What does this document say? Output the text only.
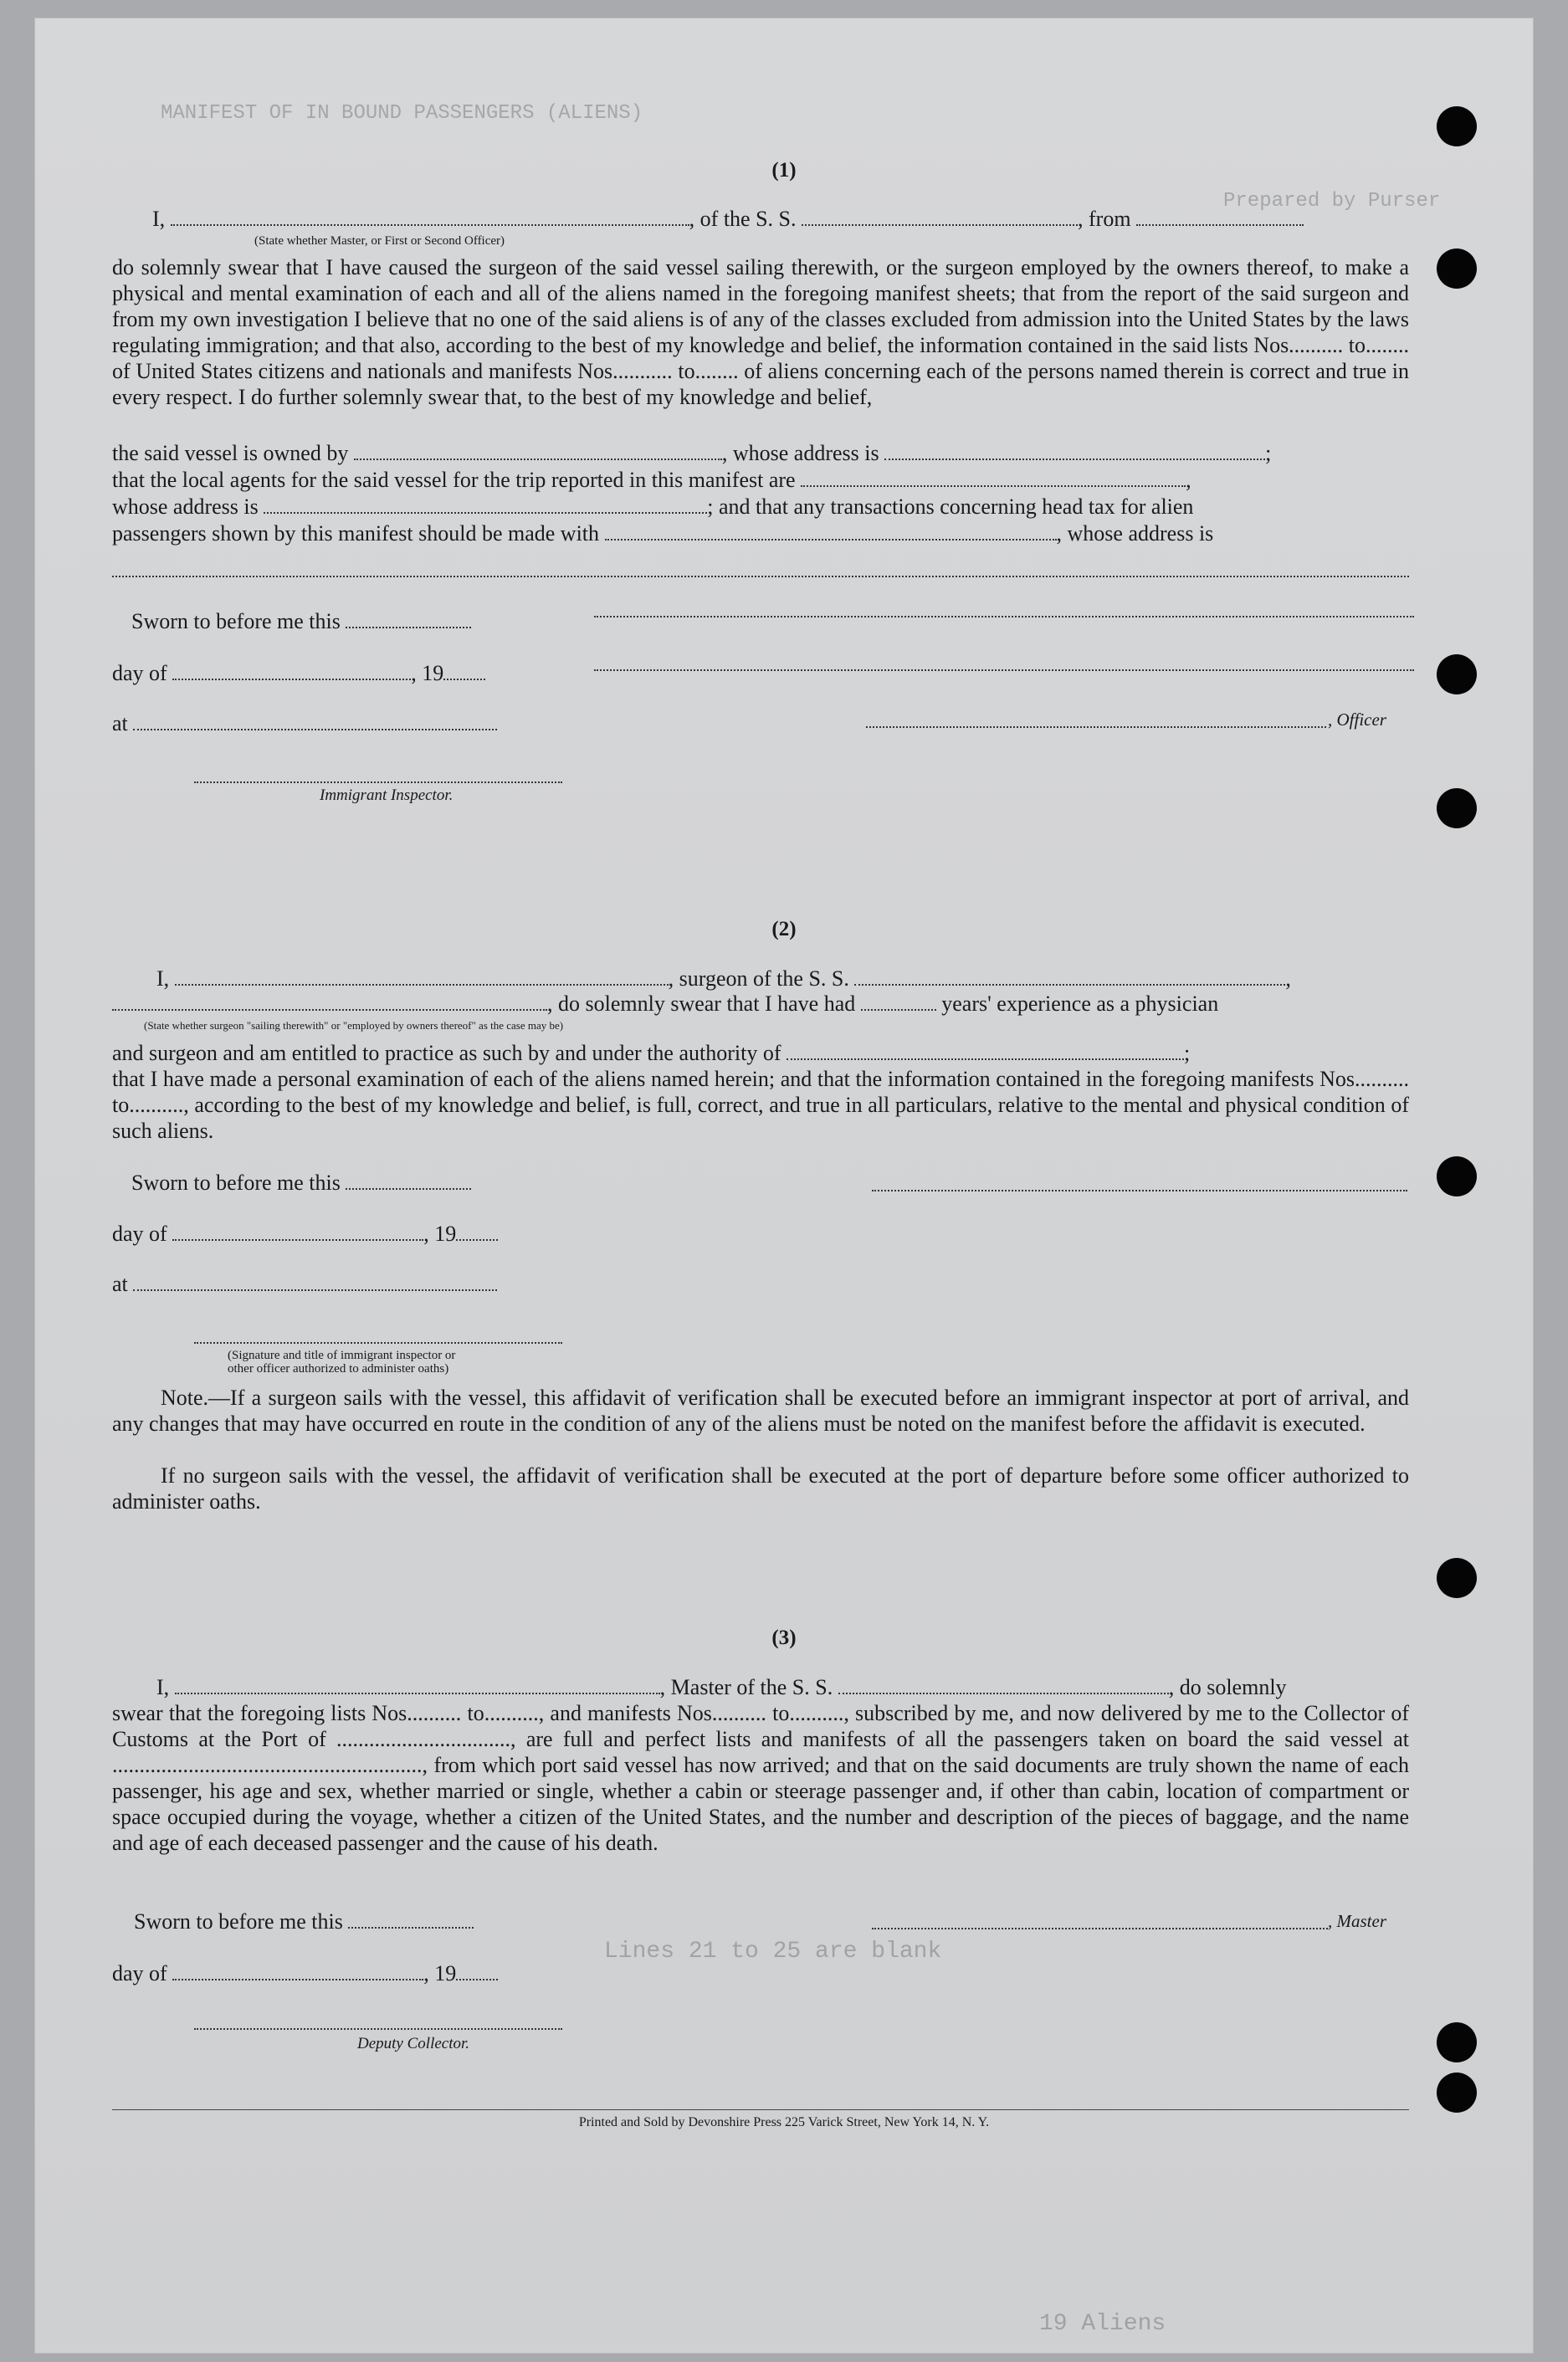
MANIFEST OF IN BOUND PASSENGERS (ALIENS)
Prepared by Purser
Lines 21 to 25 are blank
19 Aliens
(1)
I,	, of the S. S.	, from
(State whether Master, or First or Second Officer)
do solemnly swear that I have caused the surgeon of the said vessel sailing therewith, or the surgeon employed by the owners thereof, to make a physical and mental examination of each and all of the aliens named in the foregoing manifest sheets; that from the report of the said surgeon and from my own investigation I believe that no one of the said aliens is of any of the classes excluded from admission into the United States by the laws regulating immigration; and that also, according to the best of my knowledge and belief, the information contained in the said lists Nos.......... to........ of United States citizens and nationals and manifests Nos........... to........ of aliens concerning each of the persons named therein is correct and true in every respect. I do further solemnly swear that, to the best of my knowledge and belief,
the said vessel is owned by	, whose address is	;
that the local agents for the said vessel for the trip reported in this manifest are	,
whose address is	; and that any transactions concerning head tax for alien
passengers shown by this manifest should be made with	, whose address is
Sworn to before me this
day of	, 19
at	, Officer
Immigrant Inspector.
(2)
I,	, surgeon of the S. S.	,
, do solemnly swear that I have had	years' experience as a physician
(State whether surgeon "sailing therewith" or "employed by owners thereof" as the case may be)
and surgeon and am entitled to practice as such by and under the authority of	;
that I have made a personal examination of each of the aliens named herein; and that the information contained in the foregoing manifests Nos.......... to.........., according to the best of my knowledge and belief, is full, correct, and true in all particulars, relative to the mental and physical condition of such aliens.
Sworn to before me this
day of	, 19
at
(Signature and title of immigrant inspector or
other officer authorized to administer oaths)
Note.—If a surgeon sails with the vessel, this affidavit of verification shall be executed before an immigrant inspector at port of arrival, and any changes that may have occurred en route in the condition of any of the aliens must be noted on the manifest before the affidavit is executed.
If no surgeon sails with the vessel, the affidavit of verification shall be executed at the port of departure before some officer authorized to administer oaths.
(3)
I,	, Master of the S. S.	, do solemnly
swear that the foregoing lists Nos.......... to.........., and manifests Nos.......... to.........., subscribed by me, and now delivered by me to the Collector of Customs at the Port of ................................, are full and perfect lists and manifests of all the passengers taken on board the said vessel at ........................................................., from which port said vessel has now arrived; and that on the said documents are truly shown the name of each passenger, his age and sex, whether married or single, whether a cabin or steerage passenger and, if other than cabin, location of compartment or space occupied during the voyage, whether a citizen of the United States, and the number and description of the pieces of baggage, and the name and age of each deceased passenger and the cause of his death.
Sworn to before me this	, Master
day of	, 19
Deputy Collector.
Printed and Sold by Devonshire Press 225 Varick Street, New York 14, N. Y.
